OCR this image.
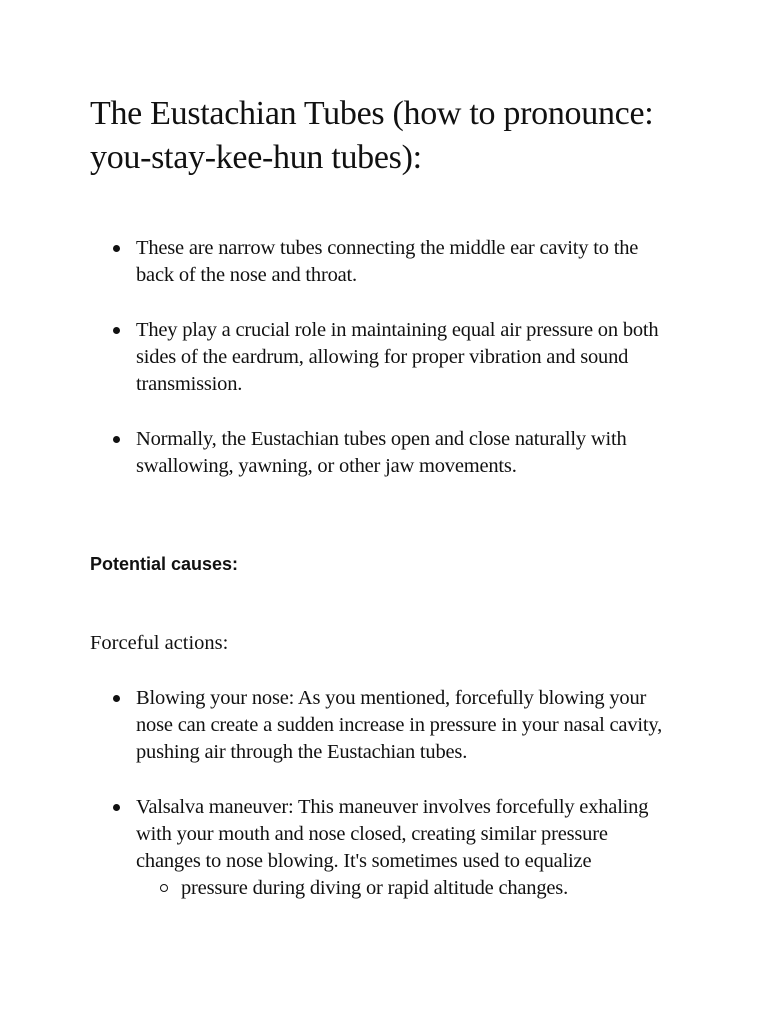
The Eustachian Tubes (how to pronounce: you-stay-kee-hun tubes):
These are narrow tubes connecting the middle ear cavity to the back of the nose and throat.
They play a crucial role in maintaining equal air pressure on both sides of the eardrum, allowing for proper vibration and sound transmission.
Normally, the Eustachian tubes open and close naturally with swallowing, yawning, or other jaw movements.
Potential causes:

Forceful actions:

Blowing your nose: As you mentioned, forcefully blowing your nose can create a sudden increase in pressure in your nasal cavity, pushing air through the Eustachian tubes.
Valsalva maneuver: This maneuver involves forcefully exhaling with your mouth and nose closed, creating similar pressure changes to nose blowing. It's sometimes used to equalize
pressure during diving or rapid altitude changes.
